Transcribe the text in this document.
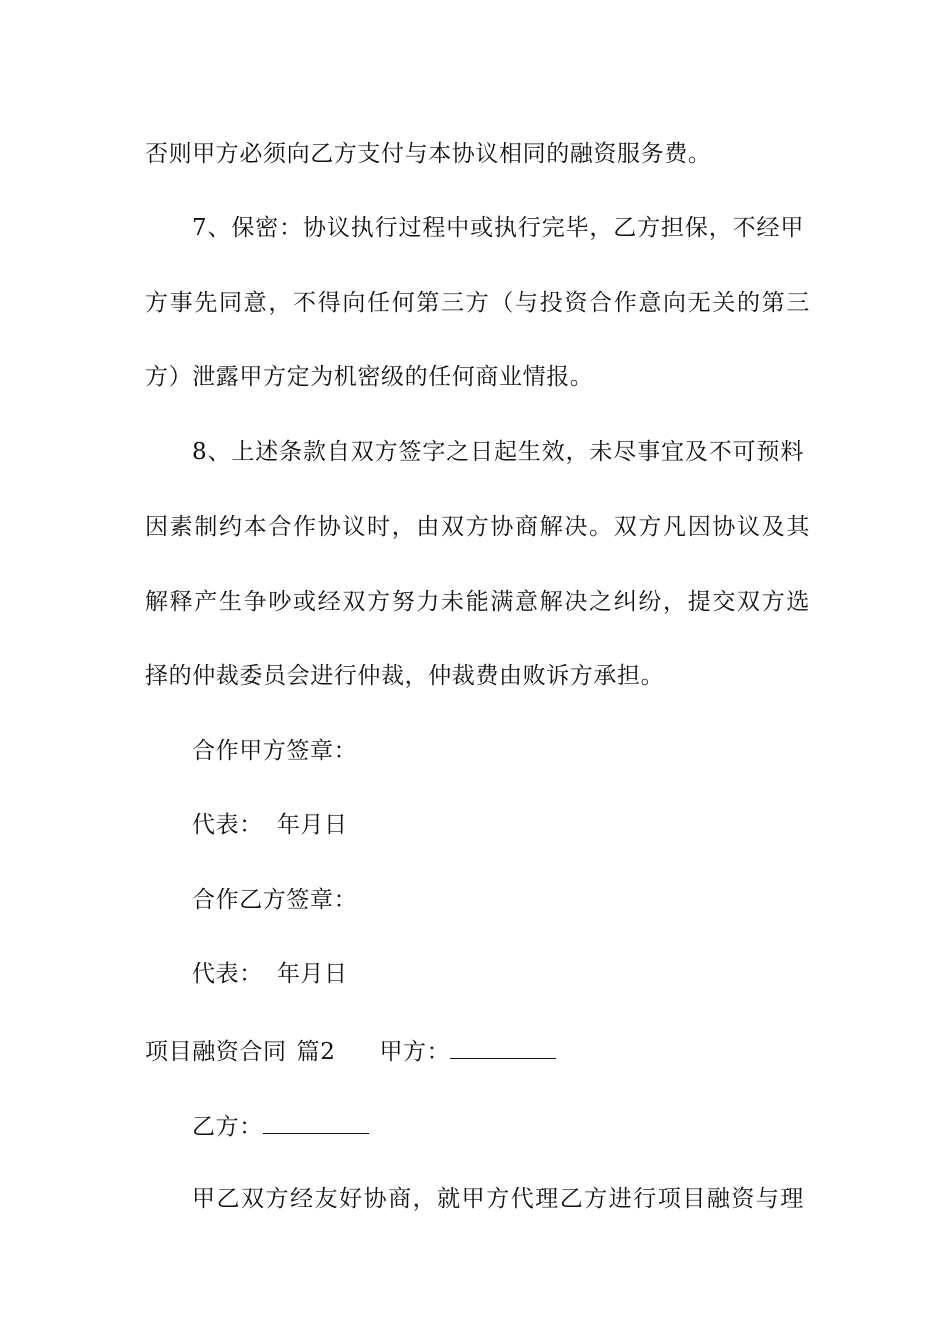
否则甲方必须向乙方支付与本协议相同的融资服务费。
7、保密：协议执行过程中或执行完毕，乙方担保，不经甲
方事先同意，不得向任何第三方（与投资合作意向无关的第三
方）泄露甲方定为机密级的任何商业情报。
8、上述条款自双方签字之日起生效，未尽事宜及不可预料
因素制约本合作协议时，由双方协商解决。双方凡因协议及其
解释产生争吵或经双方努力未能满意解决之纠纷，提交双方选
择的仲裁委员会进行仲裁，仲裁费由败诉方承担。
合作甲方签章：
代表： 年月日
合作乙方签章：
代表： 年月日
项目融资合同 篇2 甲方：
乙方：
甲乙双方经友好协商，就甲方代理乙方进行项目融资与理
